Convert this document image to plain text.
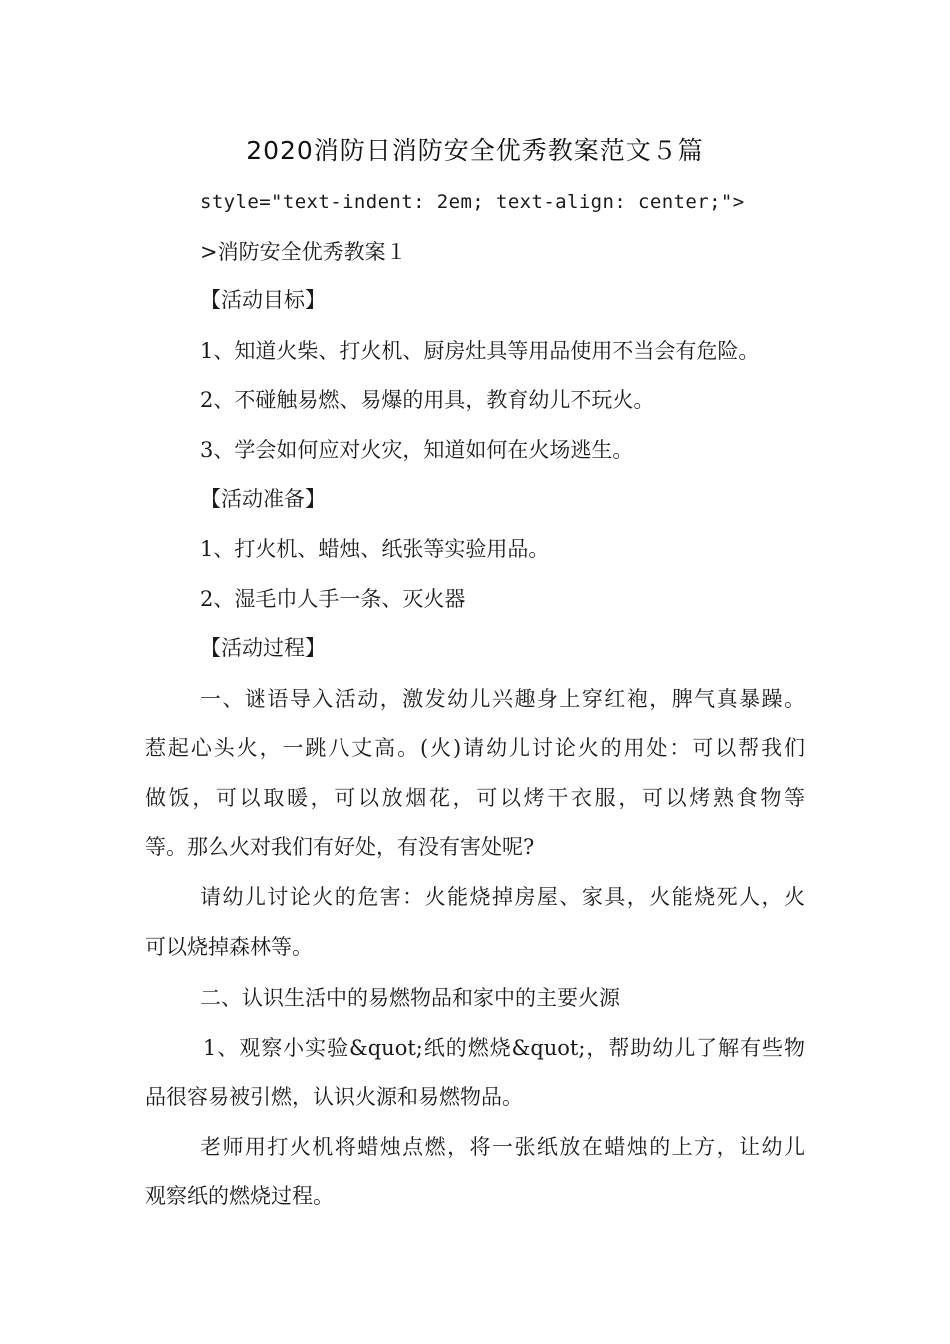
2020消防日消防安全优秀教案范文５篇
style="text-indent: 2em; text-align: center;">
>消防安全优秀教案１
【活动目标】
1、知道火柴、打火机、厨房灶具等用品使用不当会有危险。
2、不碰触易燃、易爆的用具，教育幼儿不玩火。
3、学会如何应对火灾，知道如何在火场逃生。
【活动准备】
1、打火机、蜡烛、纸张等实验用品。
2、湿毛巾人手一条、灭火器
【活动过程】
一、谜语导入活动，激发幼儿兴趣身上穿红袍，脾气真暴躁。
惹起心头火，一跳八丈高。(火)请幼儿讨论火的用处：可以帮我们
做饭，可以取暖，可以放烟花，可以烤干衣服，可以烤熟食物等
等。那么火对我们有好处，有没有害处呢?
请幼儿讨论火的危害：火能烧掉房屋、家具，火能烧死人，火
可以烧掉森林等。
二、认识生活中的易燃物品和家中的主要火源
1、观察小实验&quot;纸的燃烧&quot;，帮助幼儿了解有些物
品很容易被引燃，认识火源和易燃物品。
老师用打火机将蜡烛点燃，将一张纸放在蜡烛的上方，让幼儿
观察纸的燃烧过程。
